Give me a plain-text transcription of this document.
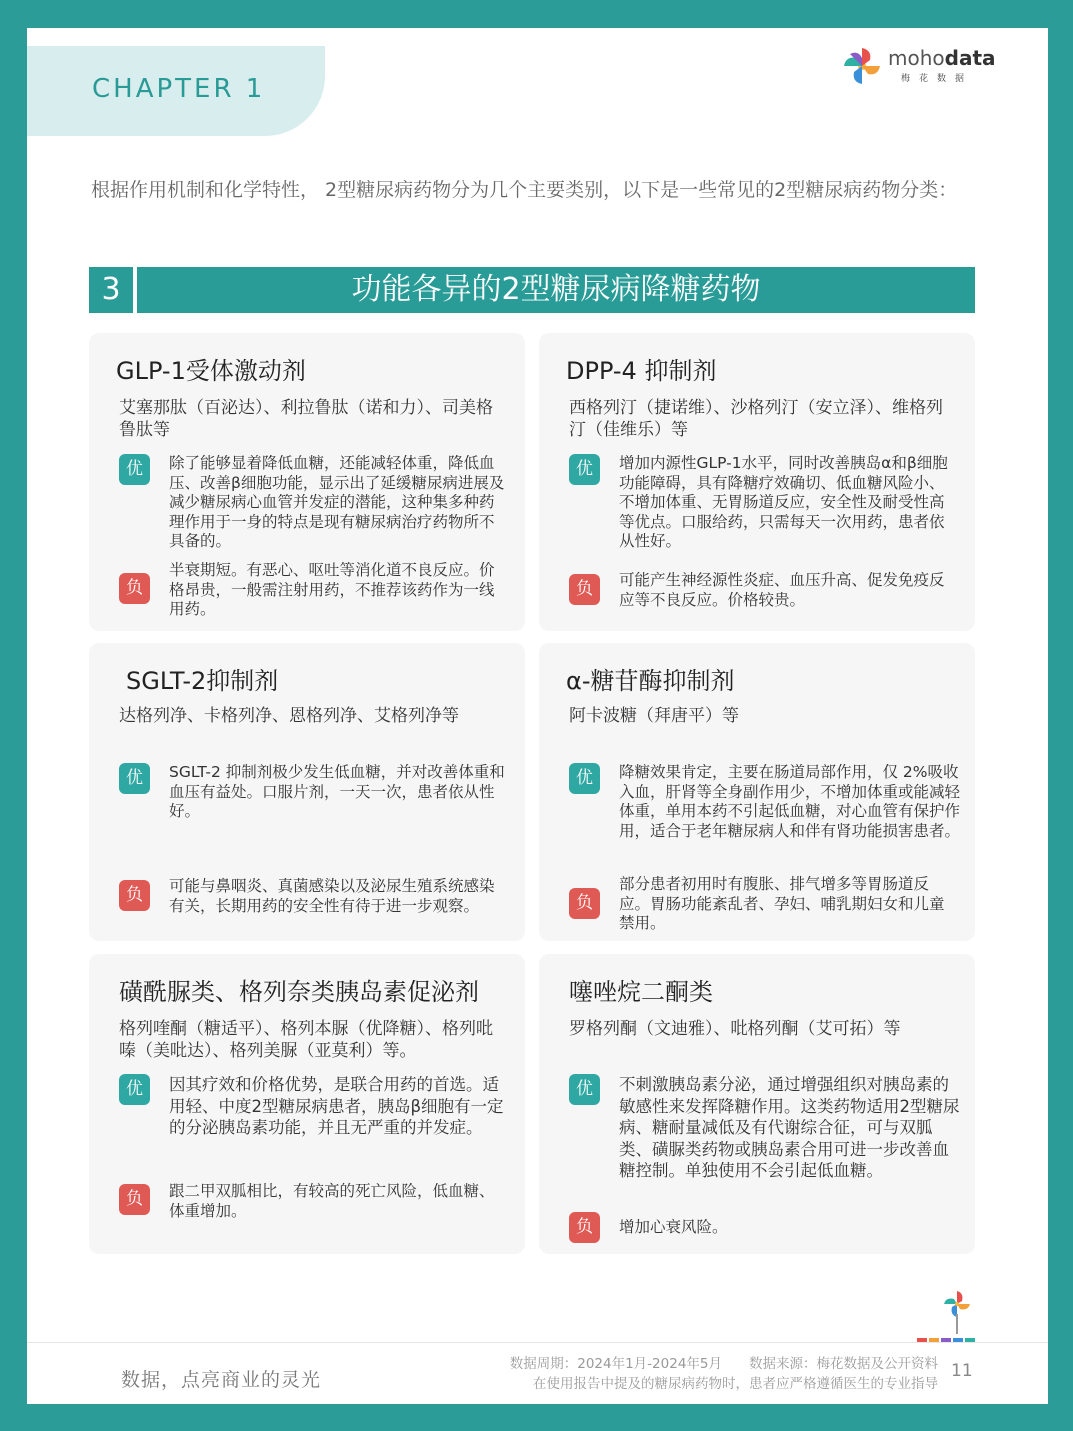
CHAPTER 1
mohodata
梅花数据
根据作用机制和化学特性， 2型糖尿病药物分为几个主要类别，以下是一些常见的2型糖尿病药物分类：
3	功能各异的2型糖尿病降糖药物
GLP-1受体激动剂
艾塞那肽（百泌达）、利拉鲁肽（诺和力）、司美格鲁肽等
优	除了能够显着降低血糖，还能减轻体重，降低血压、改善β细胞功能，显示出了延缓糖尿病进展及减少糖尿病心血管并发症的潜能，这种集多种药理作用于一身的特点是现有糖尿病治疗药物所不具备的。
负
半衰期短。有恶心、呕吐等消化道不良反应。价格昂贵，一般需注射用药，不推荐该药作为一线用药。
DPP-4 抑制剂
西格列汀（捷诺维）、沙格列汀（安立泽）、维格列汀（佳维乐）等
优	增加内源性GLP-1水平，同时改善胰岛α和β细胞功能障碍，具有降糖疗效确切、低血糖风险小、不增加体重、无胃肠道反应，安全性及耐受性高等优点。口服给药，只需每天一次用药，患者依从性好。
负	可能产生神经源性炎症、血压升高、促发免疫反应等不良反应。价格较贵。
SGLT-2抑制剂
达格列净、卡格列净、恩格列净、艾格列净等
优	SGLT-2 抑制剂极少发生低血糖，并对改善体重和血压有益处。口服片剂，一天一次，患者依从性好。
负	可能与鼻咽炎、真菌感染以及泌尿生殖系统感染有关，长期用药的安全性有待于进一步观察。
α-糖苷酶抑制剂
阿卡波糖（拜唐平）等
优	降糖效果肯定，主要在肠道局部作用，仅 2%吸收入血，肝肾等全身副作用少，不增加体重或能减轻体重，单用本药不引起低血糖，对心血管有保护作用，适合于老年糖尿病人和伴有肾功能损害患者。
负
部分患者初用时有腹胀、排气增多等胃肠道反应。胃肠功能紊乱者、孕妇、哺乳期妇女和儿童禁用。
磺酰脲类、格列奈类胰岛素促泌剂
格列喹酮（糖适平）、格列本脲（优降糖）、格列吡嗪（美吡达）、格列美脲（亚莫利）等。
优	因其疗效和价格优势，是联合用药的首选。适用轻、中度2型糖尿病患者，胰岛β细胞有一定的分泌胰岛素功能，并且无严重的并发症。
负	跟二甲双胍相比，有较高的死亡风险，低血糖、体重增加。
噻唑烷二酮类
罗格列酮（文迪雅）、吡格列酮（艾可拓）等
优	不刺激胰岛素分泌，通过增强组织对胰岛素的敏感性来发挥降糖作用。这类药物适用2型糖尿病、糖耐量减低及有代谢综合征，可与双胍类、磺脲类药物或胰岛素合用可进一步改善血糖控制。单独使用不会引起低血糖。
负	增加心衰风险。
数据，点亮商业的灵光
数据周期：2024年1月-2024年5月　　数据来源：梅花数据及公开资料
在使用报告中提及的糖尿病药物时，患者应严格遵循医生的专业指导
11
